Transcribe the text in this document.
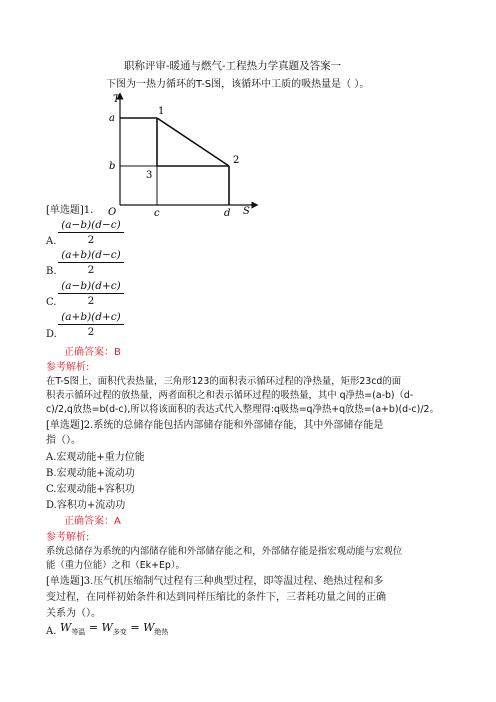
职称评审-暖通与燃气-工程热力学真题及答案一
下图为一热力循环的T-S图，该循环中工质的吸热量是（ ）。
T
S
O
a
b
c	d
1
2
3
[单选题]1.
A.
(a−b)(d−c)
2
B.
(a+b)(d−c)
2
C.
(a−b)(d+c)
2
D.
(a+b)(d+c)
2
正确答案：B
参考解析:
在T-S图上，面积代表热量，三角形123的面积表示循环过程的净热量，矩形23cd的面
积表示循环过程的放热量，两者面积之和表示循环过程的吸热量，其中 q净热=(a-b)（d-
c)/2,q放热=b(d-c),所以将该面积的表达式代入整理得:q吸热=q净热+q放热=(a+b)(d-c)/2。
[单选题]2.系统的总储存能包括内部储存能和外部储存能，其中外部储存能是
指（）。
A.宏观动能+重力位能
B.宏观动能+流动功
C.宏观动能+容积功
D.容积功+流动功
正确答案：A
参考解析:
系统总储存为系统的内部储存能和外部储存能之和，外部储存能是指宏观动能与宏观位
能（重力位能）之和（Ek+Ep）。
[单选题]3.压气机压缩制气过程有三种典型过程，即等温过程、绝热过程和多
变过程，在同样初始条件和达到同样压缩比的条件下，三者耗功量之间的正确
关系为（）。
A. $W_{等温} = W_{多变} = W_{绝热}$
